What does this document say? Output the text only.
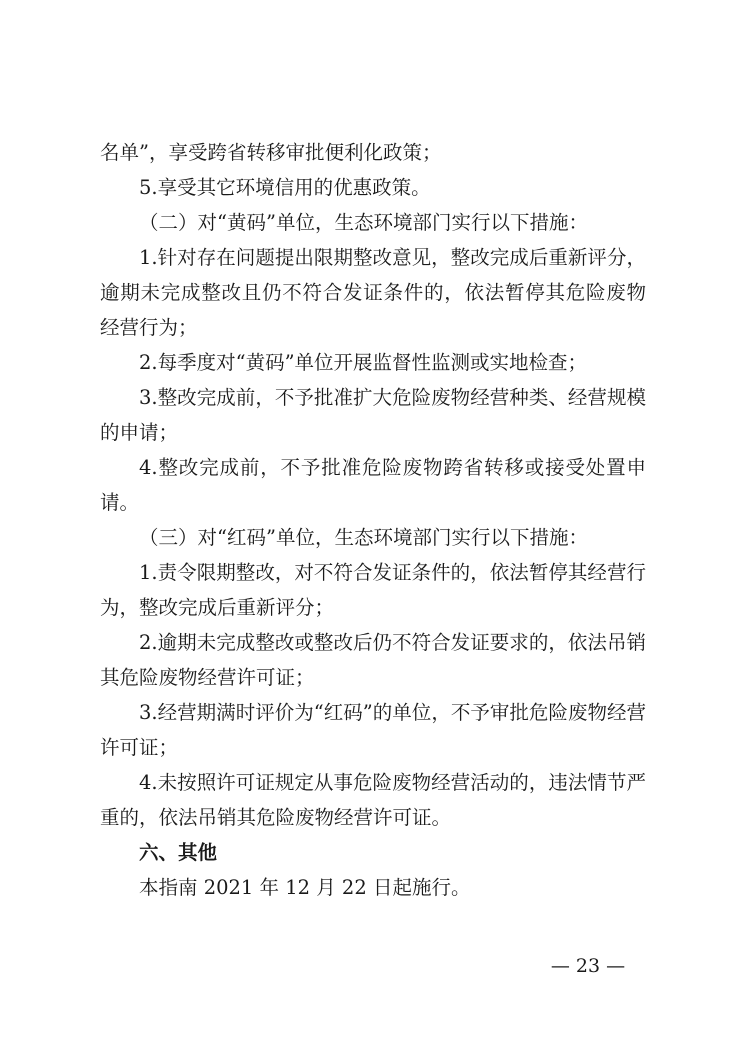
名单”，享受跨省转移审批便利化政策；
5.享受其它环境信用的优惠政策。
（二）对“黄码”单位，生态环境部门实行以下措施：
1.针对存在问题提出限期整改意见，整改完成后重新评分，
逾期未完成整改且仍不符合发证条件的，依法暂停其危险废物
经营行为；
2.每季度对“黄码”单位开展监督性监测或实地检查；
3.整改完成前，不予批准扩大危险废物经营种类、经营规模
的申请；
4.整改完成前，不予批准危险废物跨省转移或接受处置申
请。
（三）对“红码”单位，生态环境部门实行以下措施：
1.责令限期整改，对不符合发证条件的，依法暂停其经营行
为，整改完成后重新评分；
2.逾期未完成整改或整改后仍不符合发证要求的，依法吊销
其危险废物经营许可证；
3.经营期满时评价为“红码”的单位，不予审批危险废物经营
许可证；
4.未按照许可证规定从事危险废物经营活动的，违法情节严
重的，依法吊销其危险废物经营许可证。
六、其他
本指南 2021 年 12 月 22 日起施行。
— 23 —
